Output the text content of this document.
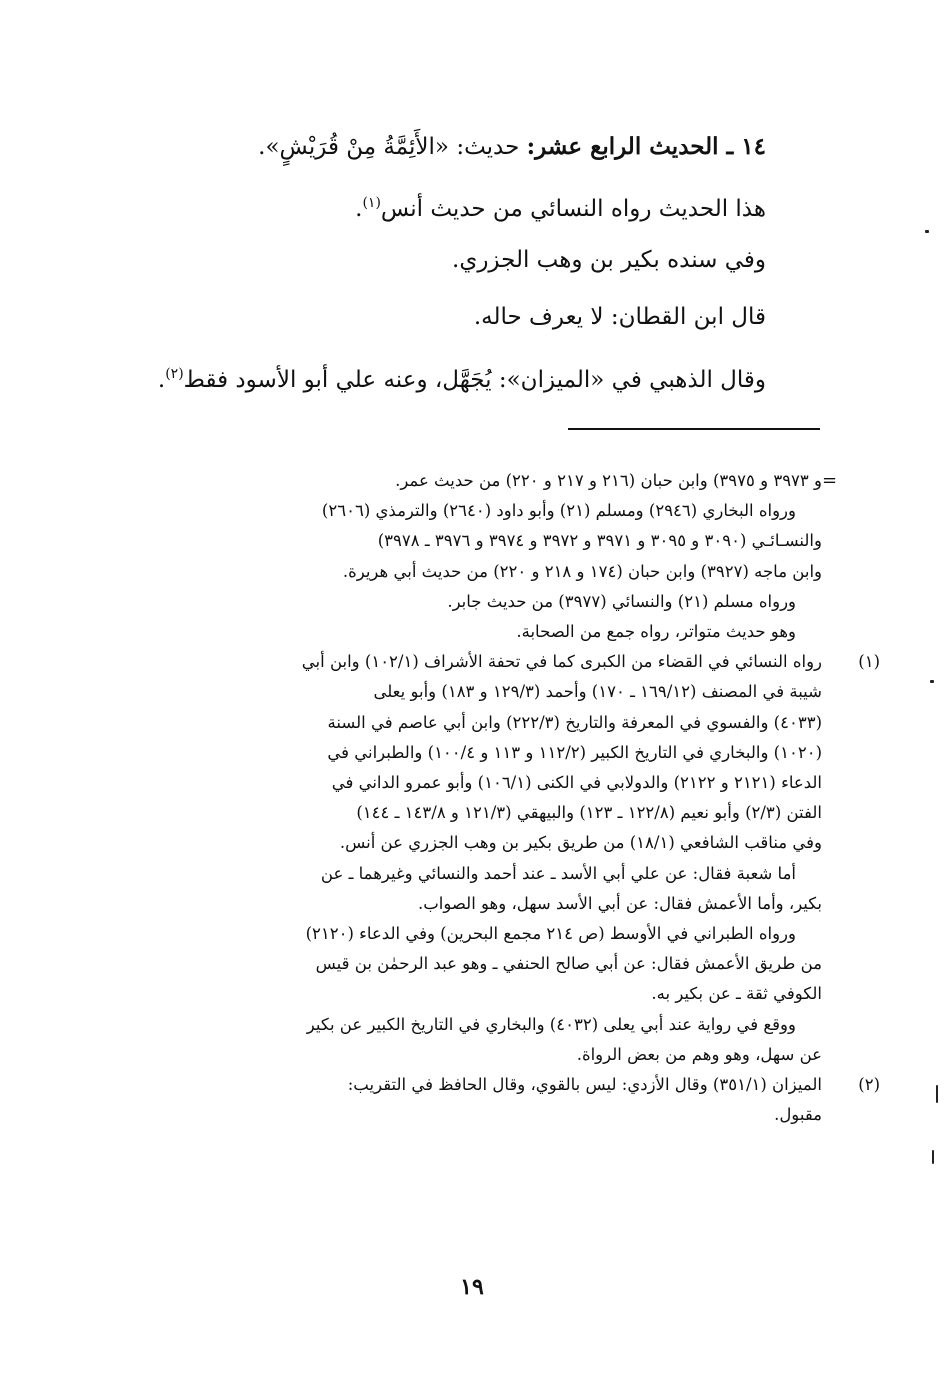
١٤ ـ الحديث الرابع عشر: حديث: «الأَئِمَّةُ مِنْ قُرَيْشٍ».
هذا الحديث رواه النسائي من حديث أنس$^{(١)}$.
وفي سنده بكير بن وهب الجزري.
قال ابن القطان: لا يعرف حاله.
وقال الذهبي في «الميزان»: يُجَهَّل، وعنه علي أبو الأسود فقط$^{(٢)}$.
=
و ٣٩٧٣ و ٣٩٧٥) وابن حبان (٢١٦ و ٢١٧ و ٢٢٠) من حديث عمر.
ورواه البخاري (٢٩٤٦) ومسلم (٢١) وأبو داود (٢٦٤٠) والترمذي (٢٦٠٦)
والنسـائـي (٣٠٩٠ و ٣٠٩٥ و ٣٩٧١ و ٣٩٧٢ و ٣٩٧٤ و ٣٩٧٦ ـ ٣٩٧٨)
وابن ماجه (٣٩٢٧) وابن حبان (١٧٤ و ٢١٨ و ٢٢٠) من حديث أبي هريرة.
ورواه مسلم (٢١) والنسائي (٣٩٧٧) من حديث جابر.
وهو حديث متواتر، رواه جمع من الصحابة.
(١)
رواه النسائي في القضاء من الكبرى كما في تحفة الأشراف (١٠٢/١) وابن أبي
شيبة في المصنف (١٦٩/١٢ ـ ١٧٠) وأحمد (١٢٩/٣ و ١٨٣) وأبو يعلى
(٤٠٣٣) والفسوي في المعرفة والتاريخ (٢٢٢/٣) وابن أبي عاصم في السنة
(١٠٢٠) والبخاري في التاريخ الكبير (١١٢/٢ و ١١٣ و ١٠٠/٤) والطبراني في
الدعاء (٢١٢١ و ٢١٢٢) والدولابي في الكنى (١٠٦/١) وأبو عمرو الداني في
الفتن (٢/٣) وأبو نعيم (١٢٢/٨ ـ ١٢٣) والبيهقي (١٢١/٣ و ١٤٣/٨ ـ ١٤٤)
وفي مناقب الشافعي (١٨/١) من طريق بكير بن وهب الجزري عن أنس.
أما شعبة فقال: عن علي أبي الأسد ـ عند أحمد والنسائي وغيرهما ـ عن
بكير، وأما الأعمش فقال: عن أبي الأسد سهل، وهو الصواب.
ورواه الطبراني في الأوسط (ص ٢١٤ مجمع البحرين) وفي الدعاء (٢١٢٠)
من طريق الأعمش فقال: عن أبي صالح الحنفي ـ وهو عبد الرحمٰن بن قيس
الكوفي ثقة ـ عن بكير به.
ووقع في رواية عند أبي يعلى (٤٠٣٢) والبخاري في التاريخ الكبير عن بكير
عن سهل، وهو وهم من بعض الرواة.
(٢)
الميزان (٣٥١/١) وقال الأزدي: ليس بالقوي، وقال الحافظ في التقريب:
مقبول.
١٩
